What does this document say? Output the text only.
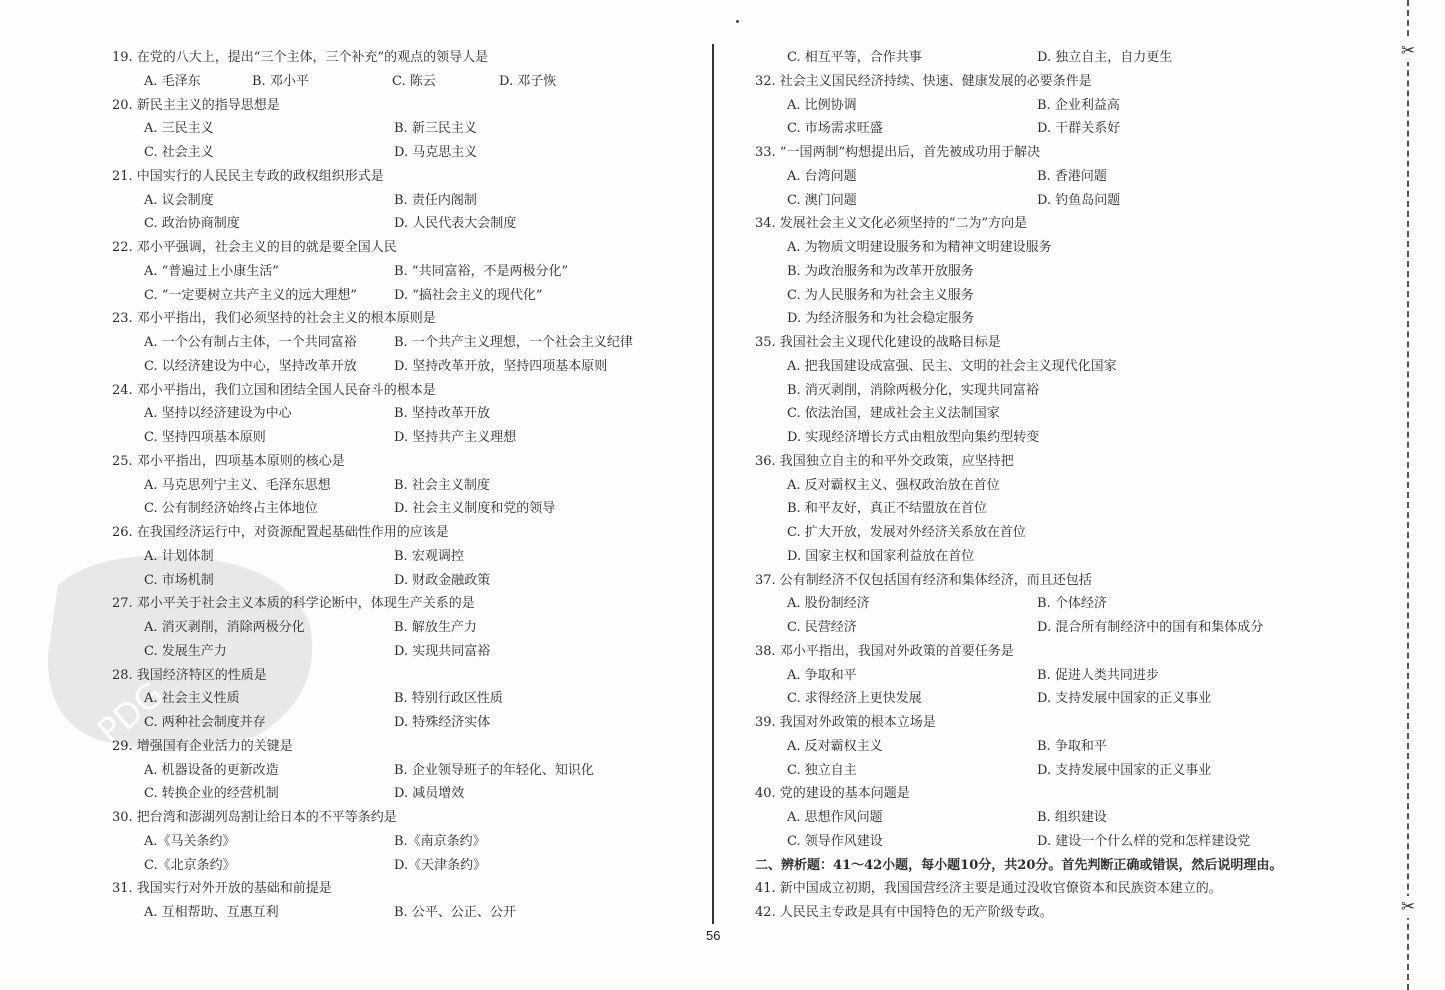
PDG
19. 在党的八大上，提出“三个主体，三个补充”的观点的领导人是
A. 毛泽东	B. 邓小平	C. 陈云	D. 邓子恢
20. 新民主主义的指导思想是
A. 三民主义	B. 新三民主义
C. 社会主义	D. 马克思主义
21. 中国实行的人民民主专政的政权组织形式是
A. 议会制度	B. 责任内阁制
C. 政治协商制度	D. 人民代表大会制度
22. 邓小平强调，社会主义的目的就是要全国人民
A. “普遍过上小康生活”	B. “共同富裕，不是两极分化”
C. “一定要树立共产主义的远大理想”	D. “搞社会主义的现代化”
23. 邓小平指出，我们必须坚持的社会主义的根本原则是
A. 一个公有制占主体，一个共同富裕	B. 一个共产主义理想，一个社会主义纪律
C. 以经济建设为中心，坚持改革开放	D. 坚持改革开放，坚持四项基本原则
24. 邓小平指出，我们立国和团结全国人民奋斗的根本是
A. 坚持以经济建设为中心	B. 坚持改革开放
C. 坚持四项基本原则	D. 坚持共产主义理想
25. 邓小平指出，四项基本原则的核心是
A. 马克思列宁主义、毛泽东思想	B. 社会主义制度
C. 公有制经济始终占主体地位	D. 社会主义制度和党的领导
26. 在我国经济运行中，对资源配置起基础性作用的应该是
A. 计划体制	B. 宏观调控
C. 市场机制	D. 财政金融政策
27. 邓小平关于社会主义本质的科学论断中，体现生产关系的是
A. 消灭剥削，消除两极分化	B. 解放生产力
C. 发展生产力	D. 实现共同富裕
28. 我国经济特区的性质是
A. 社会主义性质	B. 特别行政区性质
C. 两种社会制度并存	D. 特殊经济实体
29. 增强国有企业活力的关键是
A. 机器设备的更新改造	B. 企业领导班子的年轻化、知识化
C. 转换企业的经营机制	D. 减员增效
30. 把台湾和澎湖列岛割让给日本的不平等条约是
A.《马关条约》	B.《南京条约》
C.《北京条约》	D.《天津条约》
31. 我国实行对外开放的基础和前提是
A. 互相帮助、互惠互利	B. 公平、公正、公开
C. 相互平等，合作共事	D. 独立自主，自力更生
32. 社会主义国民经济持续、快速、健康发展的必要条件是
A. 比例协调	B. 企业利益高
C. 市场需求旺盛	D. 干群关系好
33. “一国两制”构想提出后，首先被成功用于解决
A. 台湾问题	B. 香港问题
C. 澳门问题	D. 钓鱼岛问题
34. 发展社会主义文化必须坚持的“二为”方向是
A. 为物质文明建设服务和为精神文明建设服务
B. 为政治服务和为改革开放服务
C. 为人民服务和为社会主义服务
D. 为经济服务和为社会稳定服务
35. 我国社会主义现代化建设的战略目标是
A. 把我国建设成富强、民主、文明的社会主义现代化国家
B. 消灭剥削，消除两极分化，实现共同富裕
C. 依法治国，建成社会主义法制国家
D. 实现经济增长方式由粗放型向集约型转变
36. 我国独立自主的和平外交政策，应坚持把
A. 反对霸权主义、强权政治放在首位
B. 和平友好，真正不结盟放在首位
C. 扩大开放，发展对外经济关系放在首位
D. 国家主权和国家利益放在首位
37. 公有制经济不仅包括国有经济和集体经济，而且还包括
A. 股份制经济	B. 个体经济
C. 民营经济	D. 混合所有制经济中的国有和集体成分
38. 邓小平指出，我国对外政策的首要任务是
A. 争取和平	B. 促进人类共同进步
C. 求得经济上更快发展	D. 支持发展中国家的正义事业
39. 我国对外政策的根本立场是
A. 反对霸权主义	B. 争取和平
C. 独立自主	D. 支持发展中国家的正义事业
40. 党的建设的基本问题是
A. 思想作风问题	B. 组织建设
C. 领导作风建设	D. 建设一个什么样的党和怎样建设党
二、辨析题：41～42小题，每小题10分，共20分。首先判断正确或错误，然后说明理由。
41. 新中国成立初期，我国国营经济主要是通过没收官僚资本和民族资本建立的。
42. 人民民主专政是具有中国特色的无产阶级专政。
56
✂
✂
